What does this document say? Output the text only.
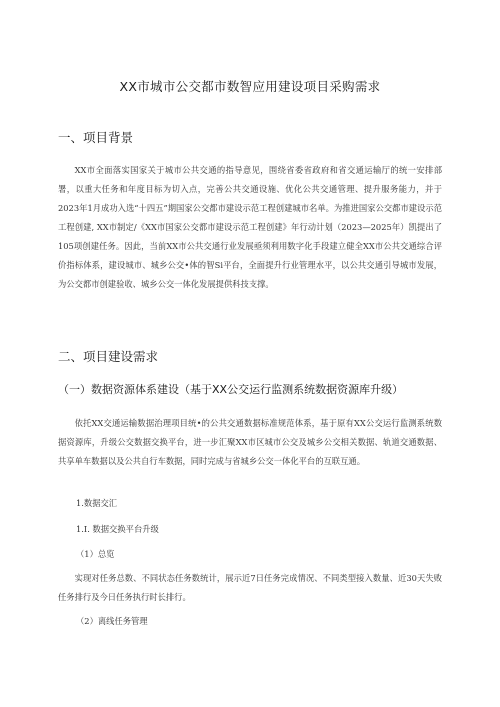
XX市城市公交都市数智应用建设项目采购需求
一、项目背景

XX市全面落实国家关于城市公共交通的指导意见，围绕省委省政府和省交通运输厅的统一安排部署，以重大任务和年度目标为切入点，完善公共交通设施、优化公共交通管理、提升服务能力，并于2023年1月成功入选“十四五”期国家公交都市建设示范工程创建城市名单。为推进国家公交都市建设示范工程创建, XX市制定/《XX市国家公交都市建设示范工程创建》年行动计划（2023—2025年）凯提出了105项创建任务。因此，当前XX市公共交通行业发展亟须利用数字化手段建立健全XX市公共交通综合评价指标体系，建设城市、城乡公交•体的智Si平台，全面提升行业管理水平，以公共交通引导城市发展，为公交都市创建验收、城乡公交一体化发展提供科技支撑。

二、项目建设需求
（一）数据资源体系建设（基于XX公交运行监测系统数据资源库升级）

依托XX交通运输数据治理项目统•的公共交通数据标准规范体系，基于原有XX公交运行监测系统数据资源库，升级公交数据交换平台，进一步汇聚XX市区城市公交及城乡公交相关数据、轨道交通数据、共享单车数据以及公共自行车数据，同时完成与省城乡公交一体化平台的互联互通。

1.数据交汇
1.I. 数据交换平台升级
（1）总览

实现对任务总数、不同状态任务数统计，展示近7日任务完成情况、不同类型接入数量、近30天失败任务排行及今日任务执行时长排行。

（2）离线任务管理
